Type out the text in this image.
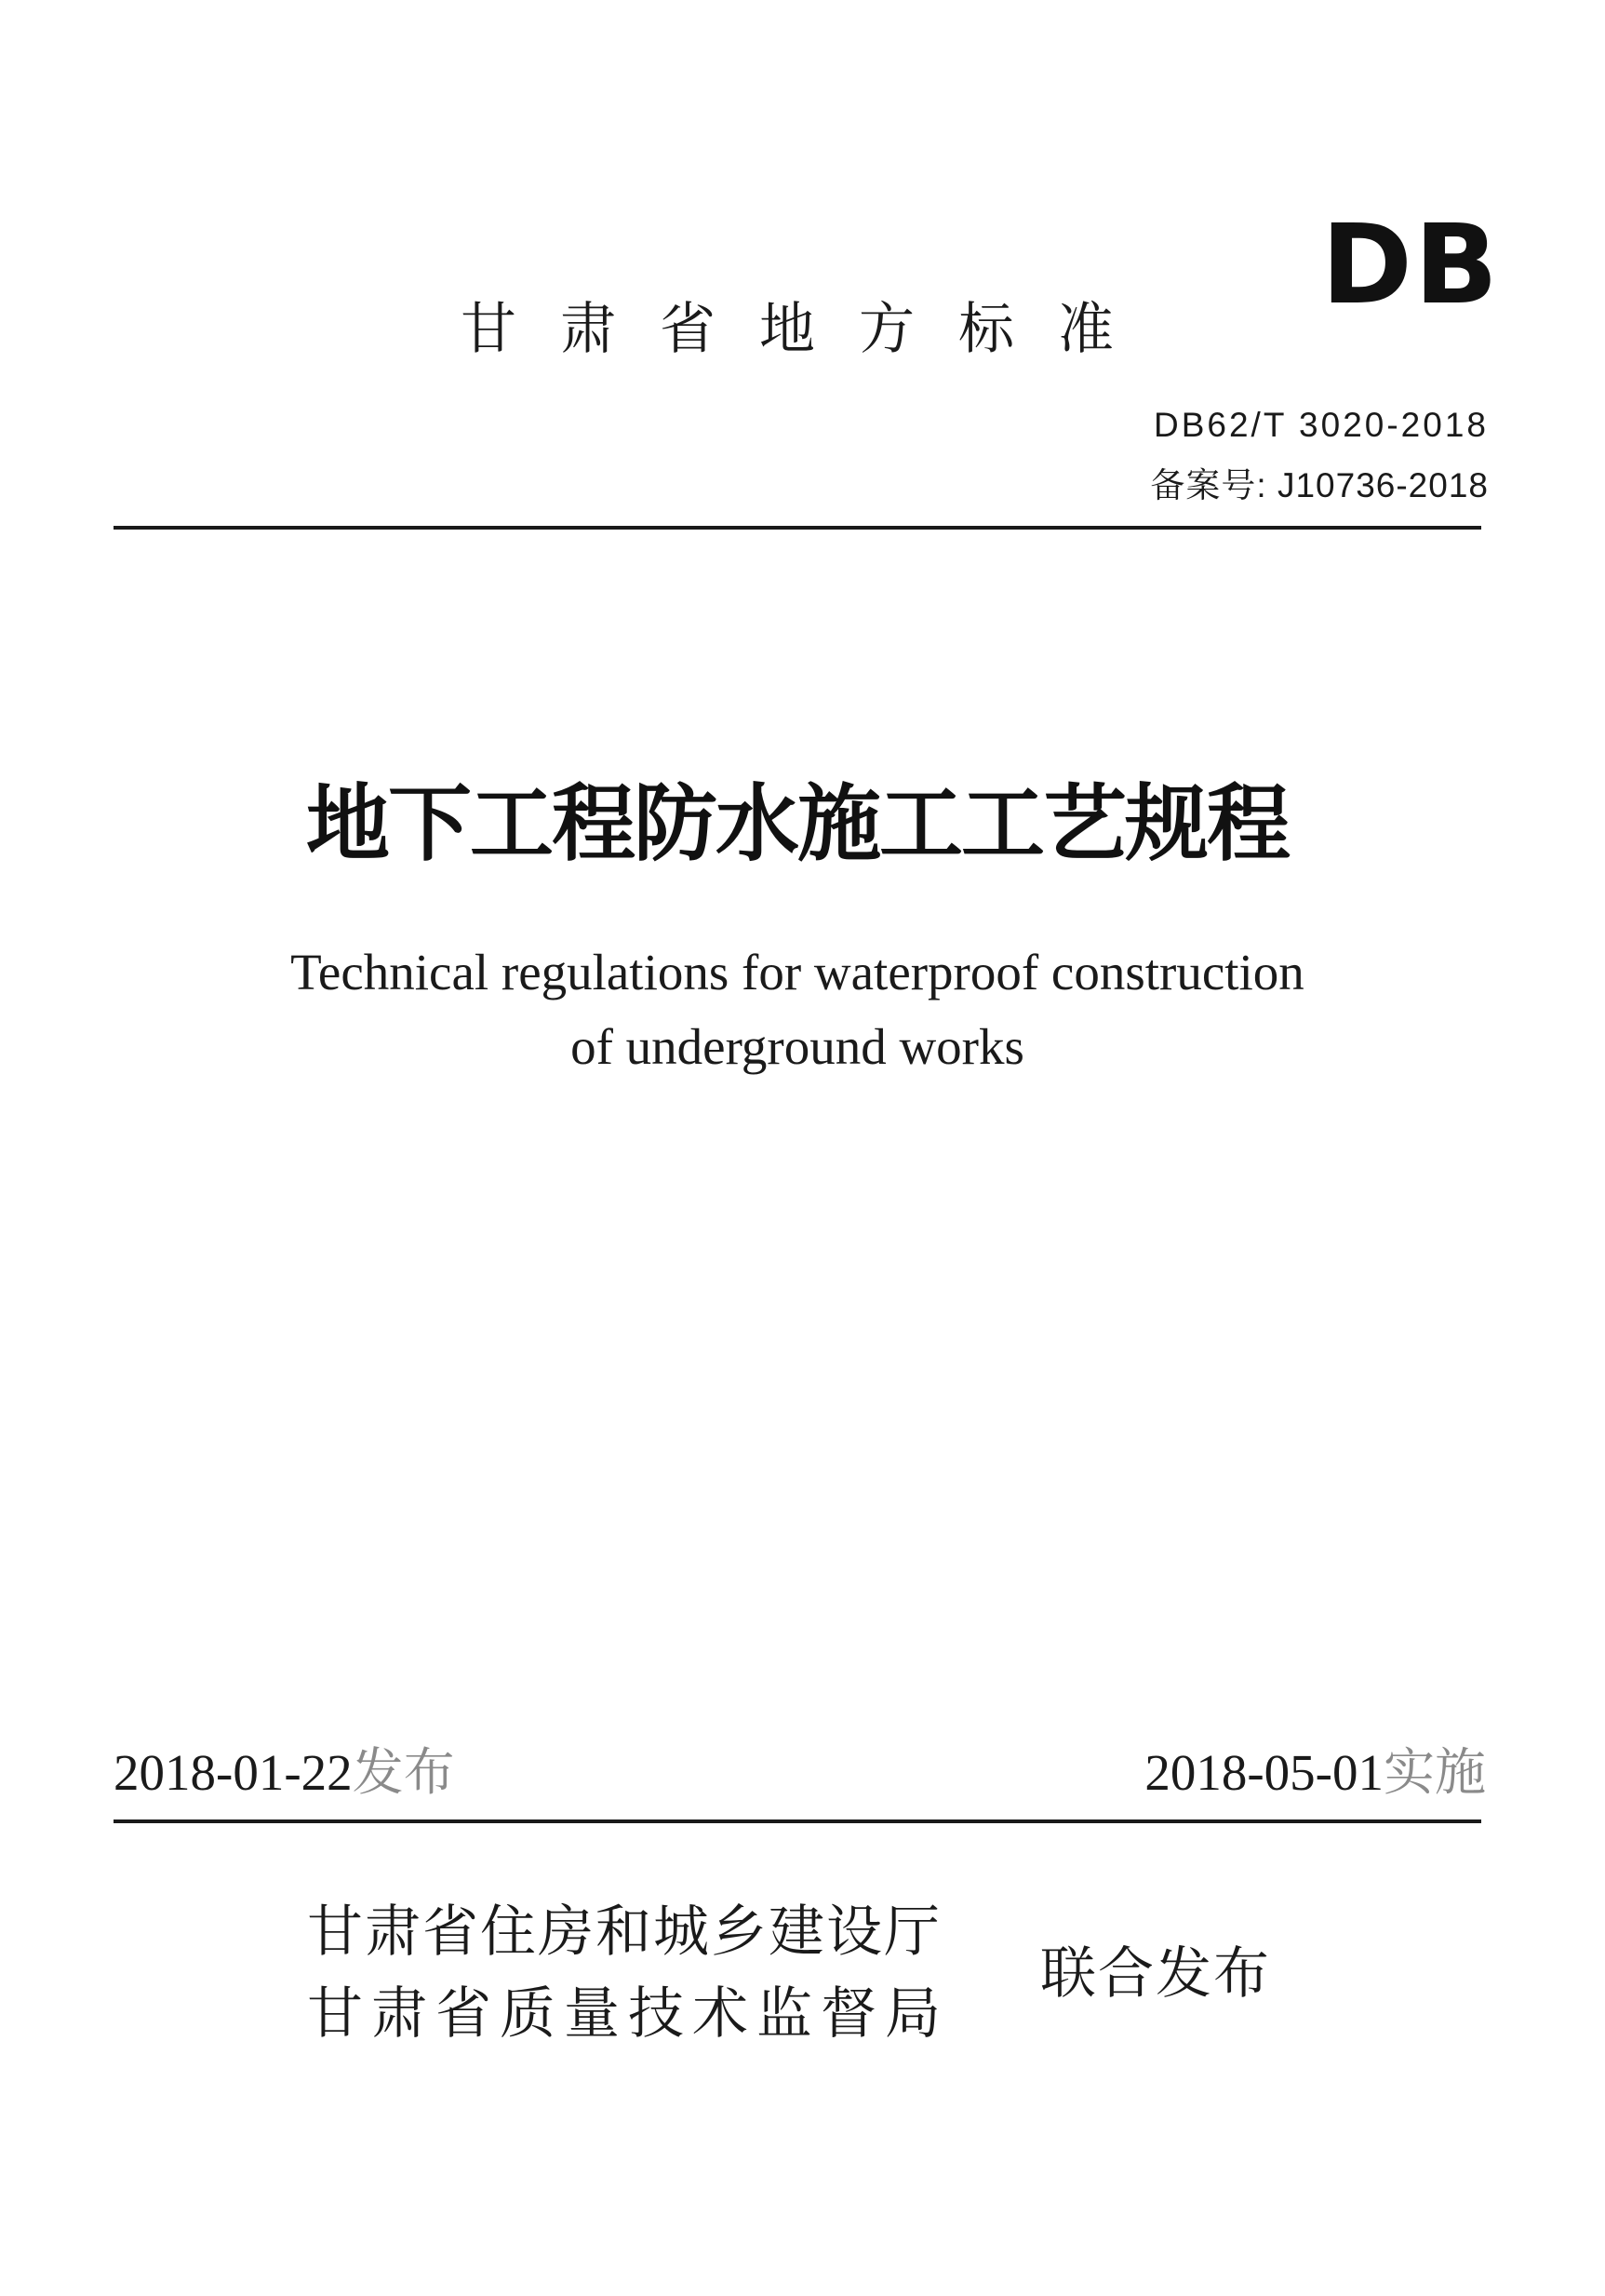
DB
甘肃省地方标准
DB62/T 3020-2018
备案号: J10736-2018
地下工程防水施工工艺规程
Technical regulations for waterproof construction
of underground works
2018-01-22发布	2018-05-01实施
甘肃省住房和城乡建设厅
甘肃省质量技术监督局
联合发布
